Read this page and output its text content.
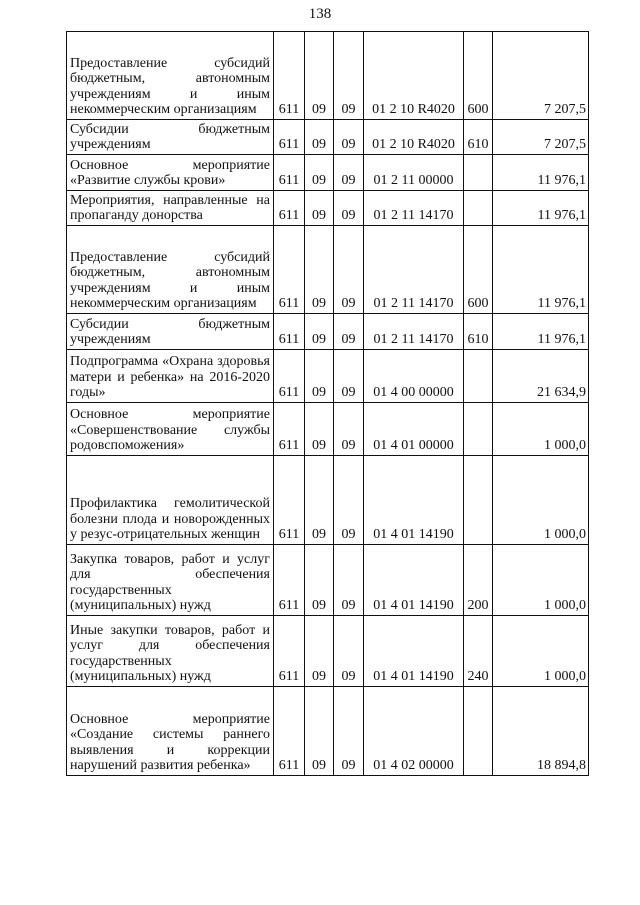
138
Предоставление субсидий бюджетным, автономным учреждениям и иным некоммерческим организациям	611	09	09	01 2 10 R4020	600	7 207,5
Субсидии бюджетным учреждениям	611	09	09	01 2 10 R4020	610	7 207,5
Основное мероприятие «Развитие службы крови»	611	09	09	01 2 11 00000		11 976,1
Мероприятия, направленные на пропаганду донорства	611	09	09	01 2 11 14170		11 976,1
Предоставление субсидий бюджетным, автономным учреждениям и иным некоммерческим организациям	611	09	09	01 2 11 14170	600	11 976,1
Субсидии бюджетным учреждениям	611	09	09	01 2 11 14170	610	11 976,1
Подпрограмма «Охрана здоровья матери и ребенка» на 2016-2020 годы»	611	09	09	01 4 00 00000		21 634,9
Основное мероприятие «Совершенствование службы родовспоможения»	611	09	09	01 4 01 00000		1 000,0
Профилактика гемолитической болезни плода и новорожденных у резус-отрицательных женщин	611	09	09	01 4 01 14190		1 000,0
Закупка товаров, работ и услуг для обеспечения государственных (муниципальных) нужд	611	09	09	01 4 01 14190	200	1 000,0
Иные закупки товаров, работ и услуг для обеспечения государственных (муниципальных) нужд	611	09	09	01 4 01 14190	240	1 000,0
Основное мероприятие «Создание системы раннего выявления и коррекции нарушений развития ребенка»	611	09	09	01 4 02 00000		18 894,8
